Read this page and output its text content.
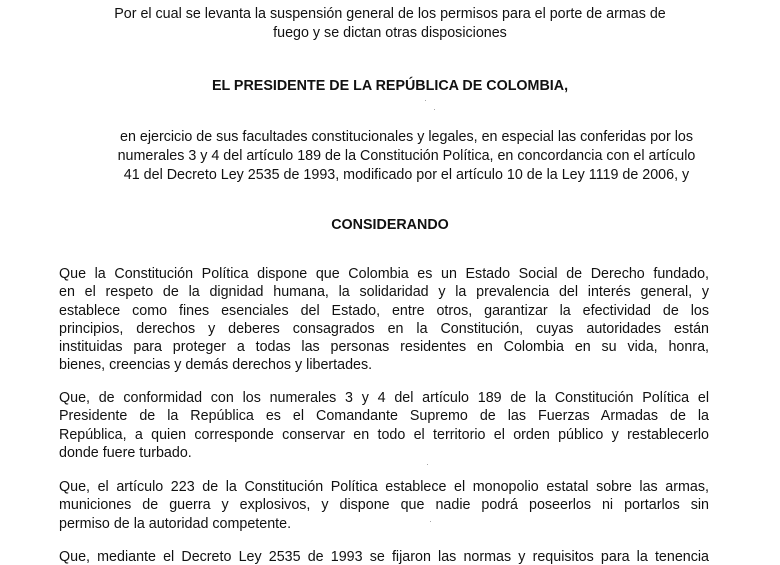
Por el cual se levanta la suspensión general de los permisos para el porte de armas de
fuego y se dictan otras disposiciones
EL PRESIDENTE DE LA REPÚBLICA DE COLOMBIA,
en ejercicio de sus facultades constitucionales y legales, en especial las conferidas por los
numerales 3 y 4 del artículo 189 de la Constitución Política, en concordancia con el artículo
41 del Decreto Ley 2535 de 1993, modificado por el artículo 10 de la Ley 1119 de 2006, y
CONSIDERANDO
Que la Constitución Política dispone que Colombia es un Estado Social de Derecho fundado,
en el respeto de la dignidad humana, la solidaridad y la prevalencia del interés general, y
establece como fines esenciales del Estado, entre otros, garantizar la efectividad de los
principios, derechos y deberes consagrados en la Constitución, cuyas autoridades están
instituidas para proteger a todas las personas residentes en Colombia en su vida, honra,
bienes, creencias y demás derechos y libertades.
Que, de conformidad con los numerales 3 y 4 del artículo 189 de la Constitución Política el
Presidente de la República es el Comandante Supremo de las Fuerzas Armadas de la
República, a quien corresponde conservar en todo el territorio el orden público y restablecerlo
donde fuere turbado.
Que, el artículo 223 de la Constitución Política establece el monopolio estatal sobre las armas,
municiones de guerra y explosivos, y dispone que nadie podrá poseerlos ni portarlos sin
permiso de la autoridad competente.
Que, mediante el Decreto Ley 2535 de 1993 se fijaron las normas y requisitos para la tenencia
·
·
·
·
